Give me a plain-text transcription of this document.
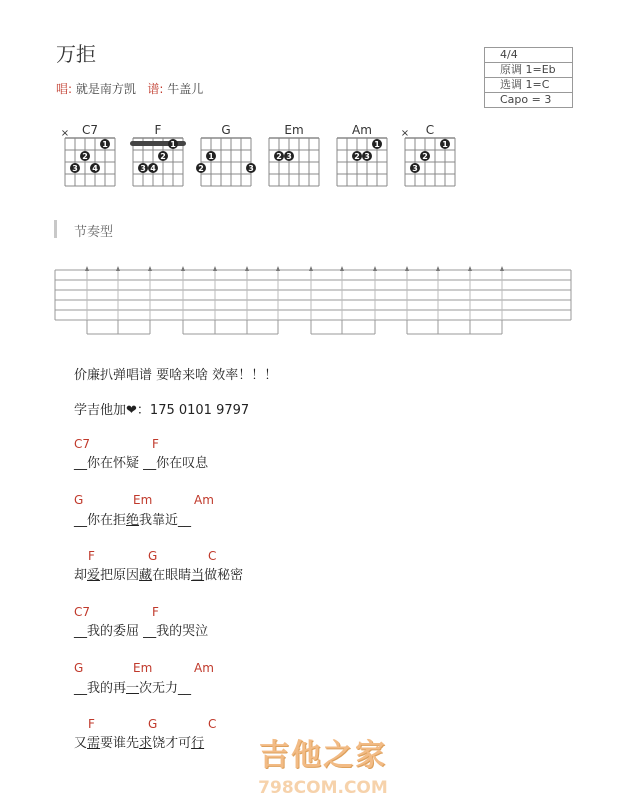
万拒
唱: 就是南方凯 谱: 牛盖儿
4/4
原调 1=Eb
选调 1=C
Capo = 3
C7
×
1
2
3 4
F
1
2
3 4
G
1
2	3
Em
2 3
Am
1
2 3
C
×
1
2
3
节奏型
价廉扒弹唱谱 要啥来啥 效率！！！
学吉他加❤：175 0101 9797
C7	F
__你在怀疑 __你在叹息
G	Em	Am
__你在拒绝我靠近__
F	G	C
却爱把原因藏在眼睛当做秘密
C7	F
__我的委屈 __我的哭泣
G	Em	Am
__我的再一次无力__
F	G	C
又需要谁先求饶才可行	吉他之家
798COM.COM
